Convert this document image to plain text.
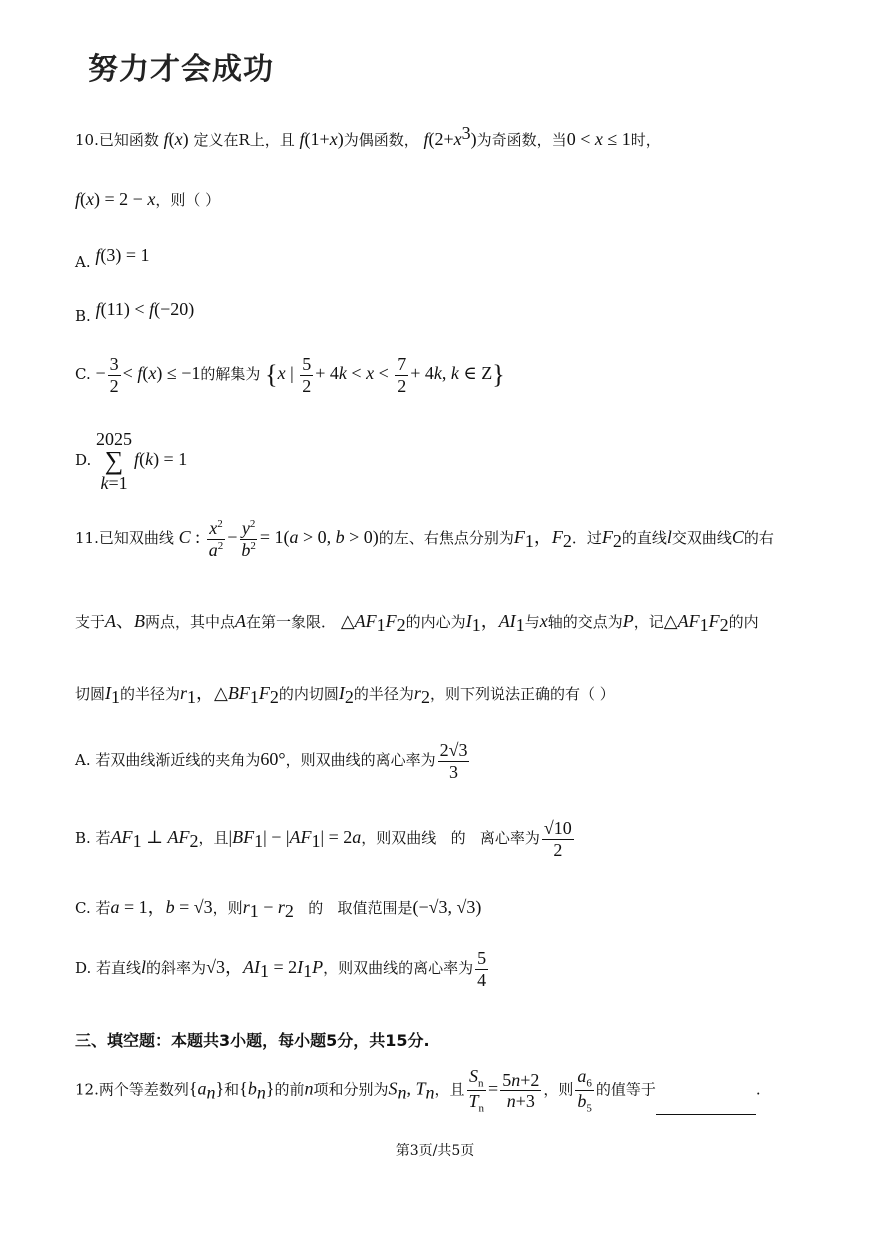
努力才会成功
10.已知函数 f(x) 定义在R上，且 f(1+x)为偶函数， $f(2+x^3)$为奇函数，当0 < x ≤ 1时，
f(x) = 2 − x，则（ ）
A. f(3) = 1
B. f(11) < f(−20)
C. − $\frac{3}{2} < f(x) \le -1$的解集为 {x | $\frac{5}{2} + 4k < x < \frac{7}{2} + 4k$, k ∈ Z}
D.
2025
∑
k=1
f(k) = 1
11.已知双曲线 C : $\frac{x^2}{a^2} - \frac{y^2}{b^2} = 1(a > 0$, b > 0)的左、右焦点分别为$F_1$，$F_2$．过$F_2$的直线l交双曲线C的右
支于A、B两点，其中点A在第一象限． $\triangle AF_1F_2$的内心为$I_1$，$AI_1$与x轴的交点为P，记$\triangle AF_1F_2$的内
切圆$I_1$的半径为$r_1$，$\triangle BF_1F_2$的内切圆$I_2$的半径为$r_2$，则下列说法正确的有（ ）
A. 若双曲线渐近线的夹角为60°，则双曲线的离心率为 $\frac{2√3}{3}$
B. 若$AF_1$ ⊥ $AF_2$，且$|BF_1| - |AF_1| = 2a$，则双曲线 的 离心率为 $\frac{√10}{2}$
C. 若a = 1，b = √3，则$r_1 - r_2$ 的 取值范围是(−√3, √3)
D. 若直线l的斜率为√3，$AI_1 = 2I_1P$，则双曲线的离心率为 $\frac{5}{4}$
三、填空题：本题共3小题，每小题5分，共15分.
12.两个等差数列$\{a_n\}$和$\{b_n\}$的前n项和分别为$S_n$, $T_n$，且 $\frac{S_n}{T_n} = \frac{5n+2}{n+3}$ ，则 $\frac{a_6}{b_5}$ 的值等于	.
第3页/共5页
